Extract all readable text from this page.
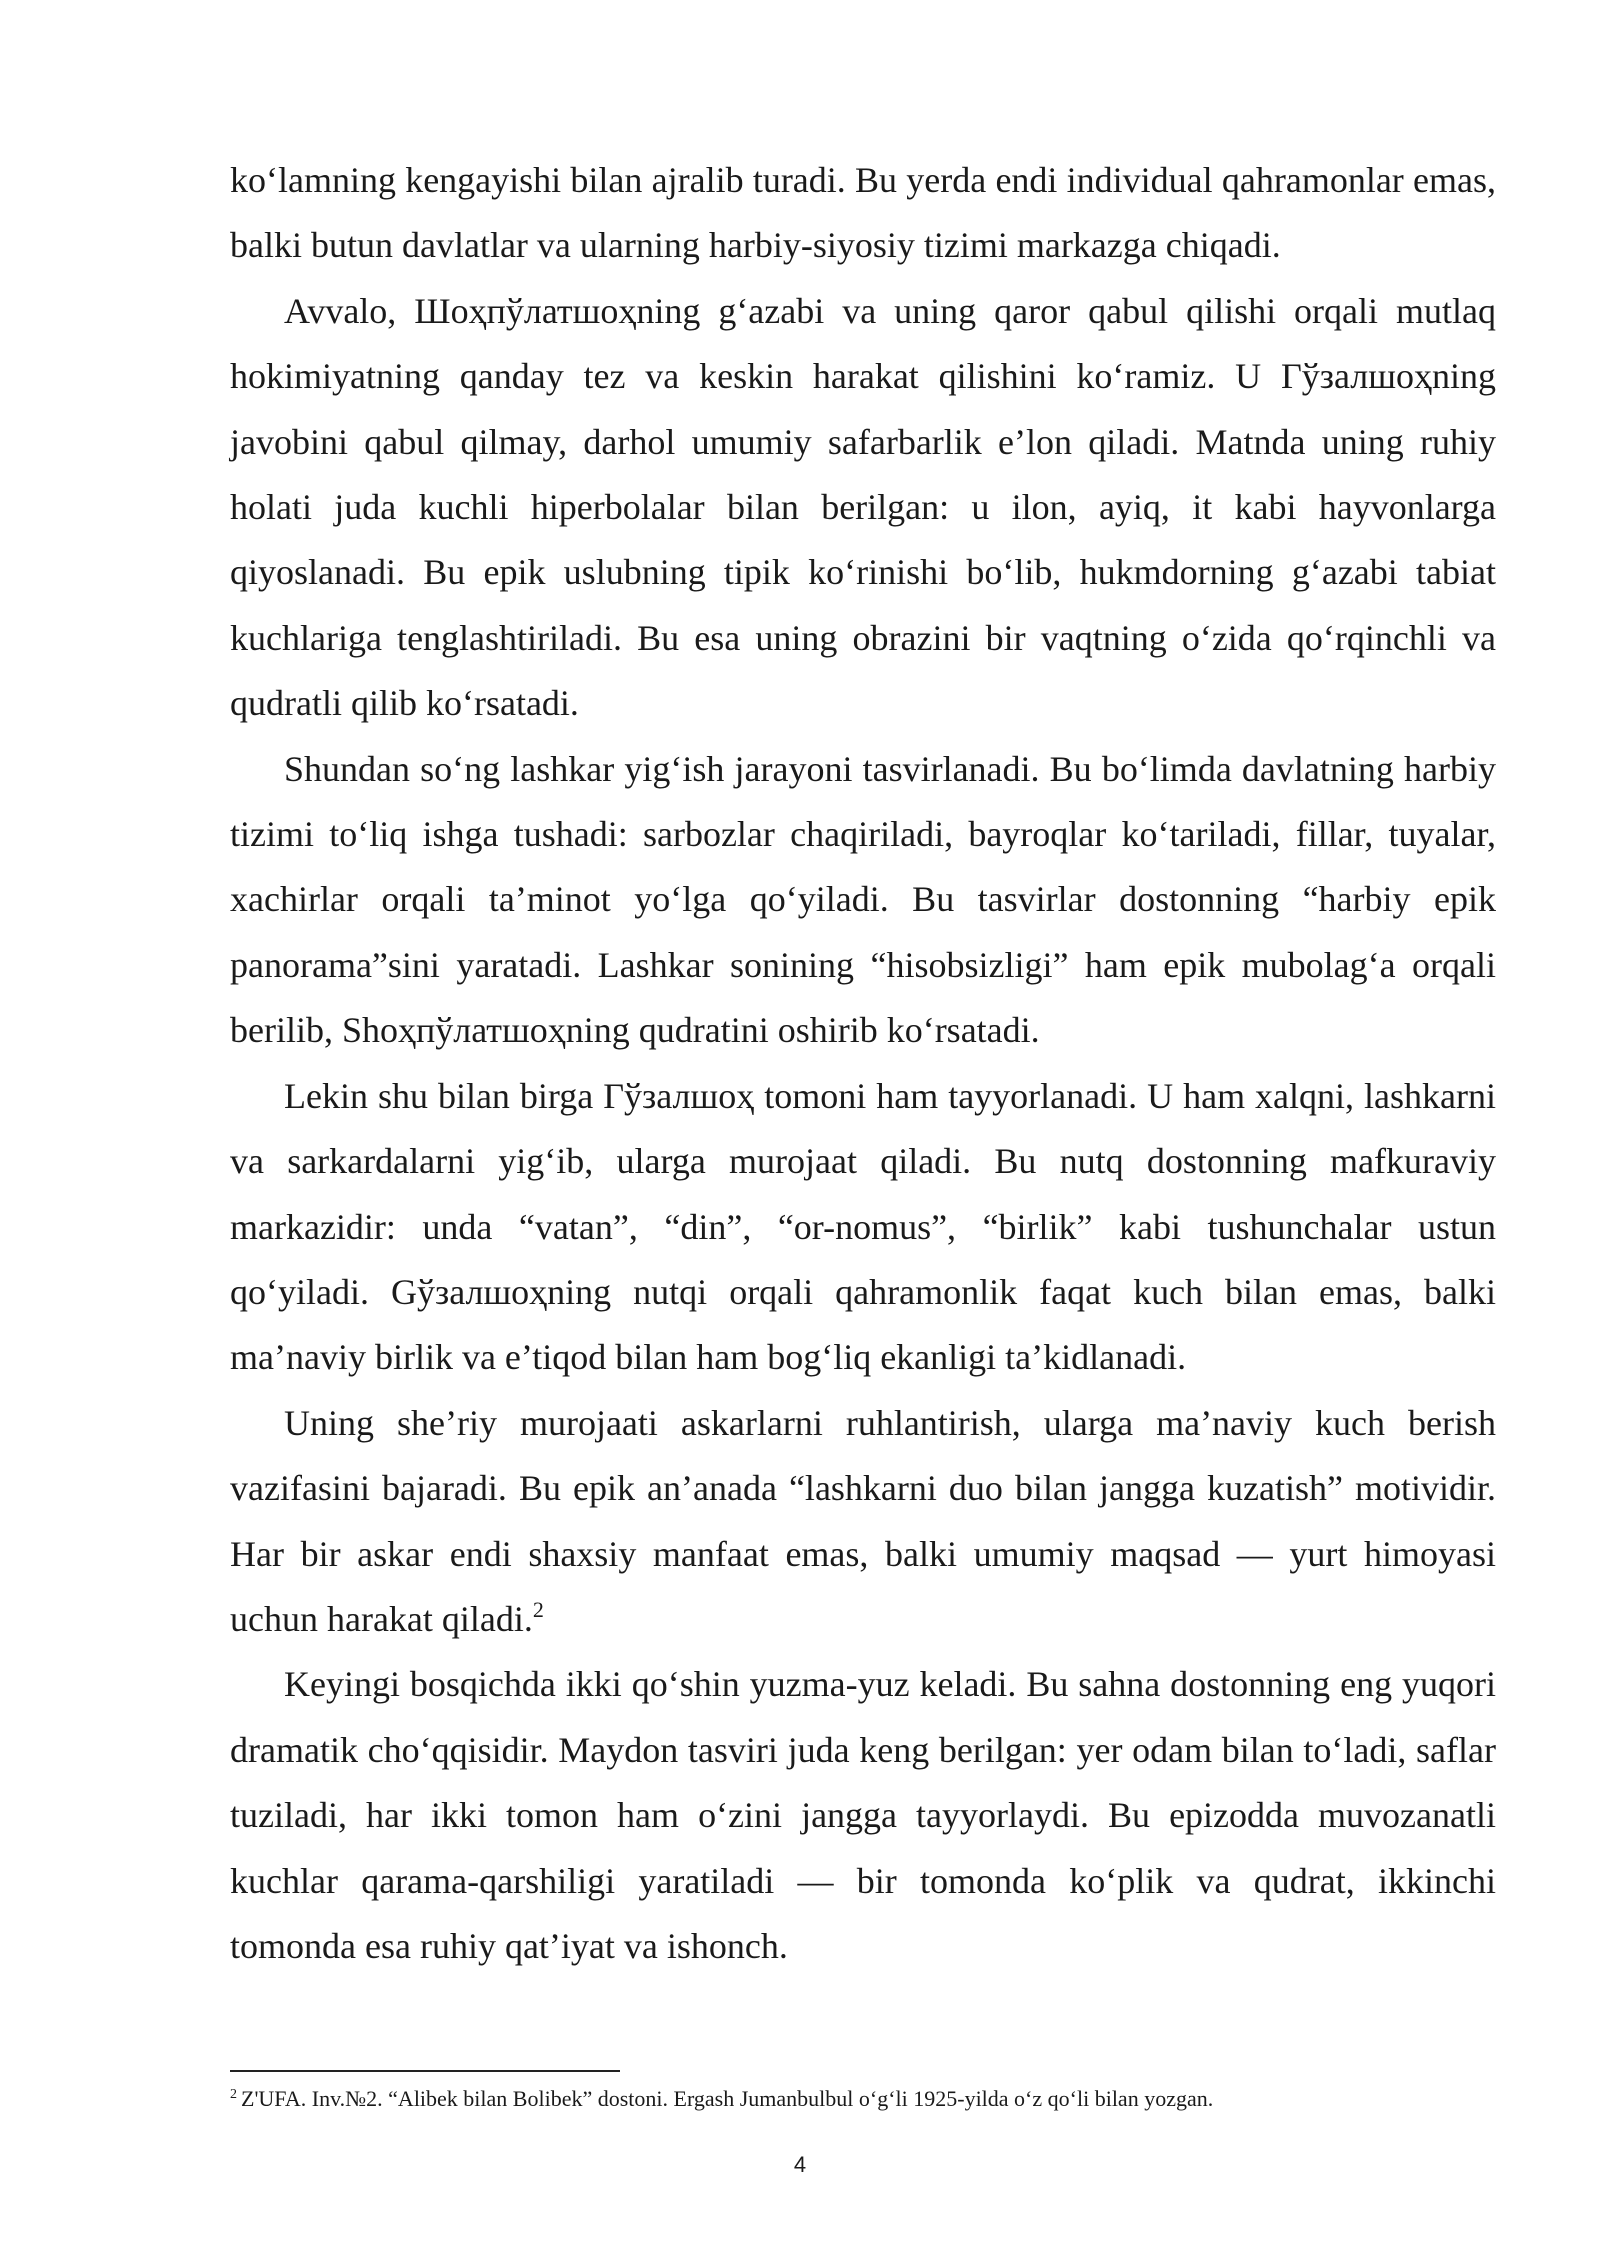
koʻlamning kengayishi bilan ajralib turadi. Bu yerda endi individual qahramonlar emas, balki butun davlatlar va ularning harbiy-siyosiy tizimi markazga chiqadi.

Avvalo, Шоҳпўлатшоҳning gʻazabi va uning qaror qabul qilishi orqali mutlaq hokimiyatning qanday tez va keskin harakat qilishini koʻramiz. U Гўзалшоҳning javobini qabul qilmay, darhol umumiy safarbarlik e’lon qiladi. Matnda uning ruhiy holati juda kuchli hiperbolalar bilan berilgan: u ilon, ayiq, it kabi hayvonlarga qiyoslanadi. Bu epik uslubning tipik koʻrinishi boʻlib, hukmdorning gʻazabi tabiat kuchlariga tenglashtiriladi. Bu esa uning obrazini bir vaqtning oʻzida qoʻrqinchli va qudratli qilib koʻrsatadi.

Shundan soʻng lashkar yigʻish jarayoni tasvirlanadi. Bu boʻlimda davlatning harbiy tizimi toʻliq ishga tushadi: sarbozlar chaqiriladi, bayroqlar koʻtariladi, fillar, tuyalar, xachirlar orqali ta’minot yoʻlga qoʻyiladi. Bu tasvirlar dostonning “harbiy epik panorama”sini yaratadi. Lashkar sonining “hisobsizligi” ham epik mubolagʻa orqali berilib, Shoҳпўлатшоҳning qudratini oshirib koʻrsatadi.

Lekin shu bilan birga Гўзалшоҳ tomoni ham tayyorlanadi. U ham xalqni, lashkarni va sarkardalarni yigʻib, ularga murojaat qiladi. Bu nutq dostonning mafkuraviy markazidir: unda “vatan”, “din”, “or-nomus”, “birlik” kabi tushunchalar ustun qoʻyiladi. Gўзалшоҳning nutqi orqali qahramonlik faqat kuch bilan emas, balki ma’naviy birlik va e’tiqod bilan ham bogʻliq ekanligi ta’kidlanadi.

Uning she’riy murojaati askarlarni ruhlantirish, ularga ma’naviy kuch berish vazifasini bajaradi. Bu epik an’anada “lashkarni duo bilan jangga kuzatish” motividir. Har bir askar endi shaxsiy manfaat emas, balki umumiy maqsad — yurt himoyasi uchun harakat qiladi.$^2$

Keyingi bosqichda ikki qoʻshin yuzma-yuz keladi. Bu sahna dostonning eng yuqori dramatik choʻqqisidir. Maydon tasviri juda keng berilgan: yer odam bilan toʻladi, saflar tuziladi, har ikki tomon ham oʻzini jangga tayyorlaydi. Bu epizodda muvozanatli kuchlar qarama-qarshiligi yaratiladi — bir tomonda koʻplik va qudrat, ikkinchi tomonda esa ruhiy qat’iyat va ishonch.

$^2$ Z'UFA. Inv.№2. “Alibek bilan Bolibek” dostoni. Ergash Jumanbulbul oʻgʻli 1925-yilda oʻz qoʻli bilan yozgan.

4
